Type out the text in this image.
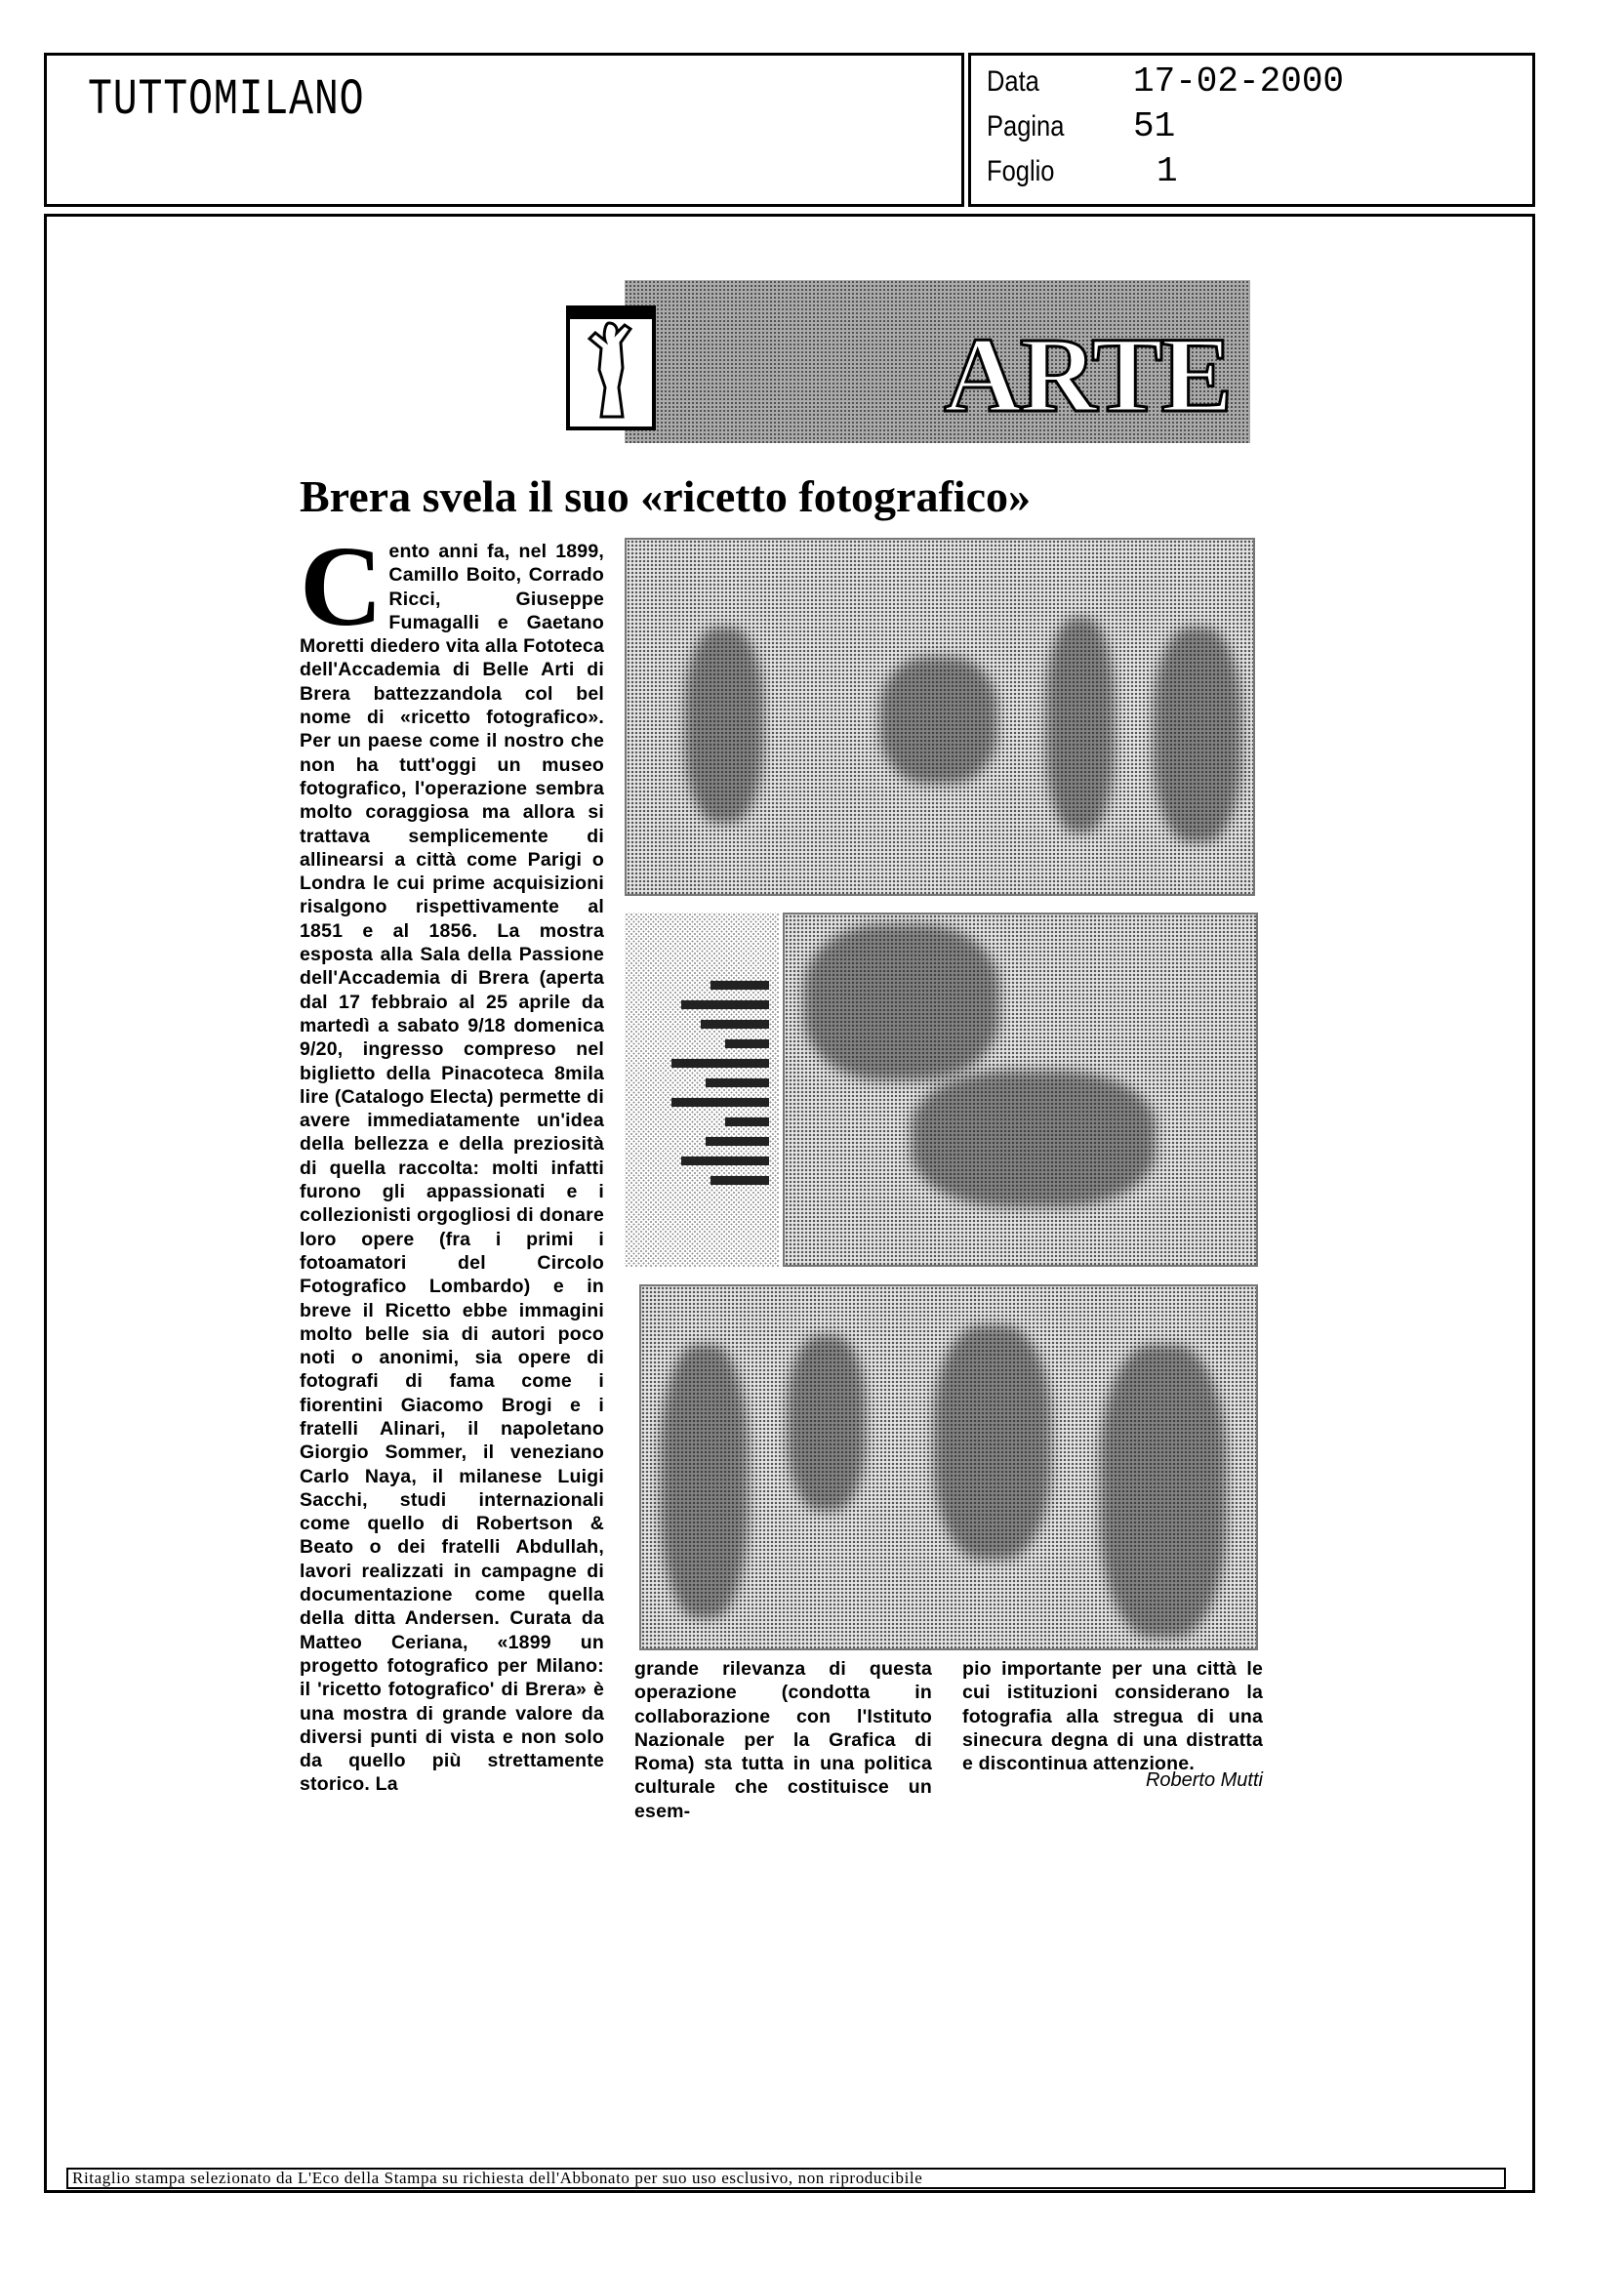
TUTTOMILANO	Data	17-02-2000
Pagina 51
Foglio	1
ARTE
Brera svela il suo «ricetto fotografico»
Cento anni fa, nel 1899, Camillo Boito, Corrado Ricci, Giuseppe Fumagalli e Gaetano Moretti diedero vita alla Fototeca dell'Accademia di Belle Arti di Brera battezzandola col bel nome di «ricetto fotografico». Per un paese come il nostro che non ha tutt'oggi un museo fotografico, l'operazione sembra molto coraggiosa ma allora si trattava semplicemente di allinearsi a città come Parigi o Londra le cui prime acquisizioni risalgono rispettivamente al 1851 e al 1856. La mostra esposta alla Sala della Passione dell'Accademia di Brera (aperta dal 17 febbraio al 25 aprile da martedì a sabato 9/18 domenica 9/20, ingresso compreso nel biglietto della Pinacoteca 8mila lire (Catalogo Electa) permette di avere immediatamente un'idea della bellezza e della preziosità di quella raccolta: molti infatti furono gli appassionati e i collezionisti orgogliosi di donare loro opere (fra i primi i fotoamatori del Circolo Fotografico Lombardo) e in breve il Ricetto ebbe immagini molto belle sia di autori poco noti o anonimi, sia opere di fotografi di fama come i fiorentini Giacomo Brogi e i fratelli Alinari, il napoletano Giorgio Sommer, il veneziano Carlo Naya, il milanese Luigi Sacchi, studi internazionali come quello di Robertson & Beato o dei fratelli Abdullah, lavori realizzati in campagne di documentazione come quella della ditta Andersen. Curata da Matteo Ceriana, «1899 un progetto fotografico per Milano: il 'ricetto fotografico' di Brera» è una mostra di grande valore da diversi punti di vista e non solo da quello più strettamente storico. La
grande rilevanza di questa operazione (condotta in collaborazione con l'Istituto Nazionale per la Grafica di Roma) sta tutta in una politica culturale che costituisce un esem-
pio importante per una città le cui istituzioni considerano la fotografia alla stregua di una sinecura degna di una distratta e discontinua attenzione.
Roberto Mutti
Ritaglio stampa selezionato da L'Eco della Stampa su richiesta dell'Abbonato per suo uso esclusivo, non riproducibile
